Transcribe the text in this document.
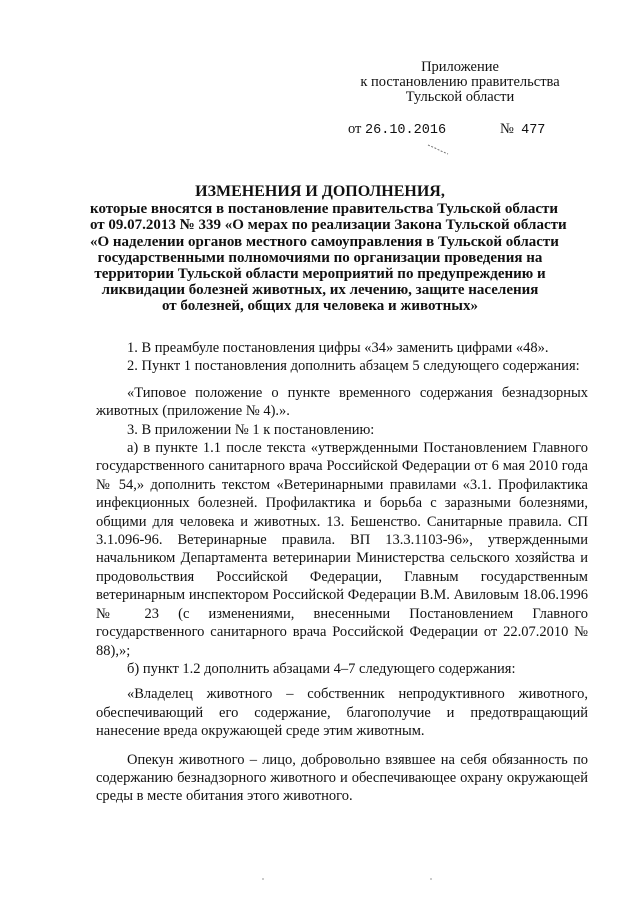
Приложение
к постановлению правительства
Тульской области
от 26.10.2016	№ 477
ИЗМЕНЕНИЯ И ДОПОЛНЕНИЯ,
которые вносятся в постановление правительства Тульской области
от 09.07.2013 № 339 «О мерах по реализации Закона Тульской области
«О наделении органов местного самоуправления в Тульской области
государственными полномочиями по организации проведения на
территории Тульской области мероприятий по предупреждению и
ликвидации болезней животных, их лечению, защите населения
от болезней, общих для человека и животных»

1. В преамбуле постановления цифры «34» заменить цифрами «48».

2. Пункт 1 постановления дополнить абзацем 5 следующего содержания:

«Типовое положение о пункте временного содержания безнадзорных животных (приложение № 4).».

3. В приложении № 1 к постановлению:

а) в пункте 1.1 после текста «утвержденными Постановлением Главного государственного санитарного врача Российской Федерации от 6 мая 2010 года № 54,» дополнить текстом «Ветеринарными правилами «3.1. Профилактика инфекционных болезней. Профилактика и борьба с заразными болезнями, общими для человека и животных. 13. Бешенство. Санитарные правила. СП 3.1.096-96. Ветеринарные правила. ВП 13.3.1103-96», утвержденными начальником Департамента ветеринарии Министерства сельского хозяйства и продовольствия Российской Федерации, Главным государственным ветеринарным инспектором Российской Федерации В.М. Авиловым 18.06.1996 № 23 (с изменениями, внесенными Постановлением Главного государственного санитарного врача Российской Федерации от 22.07.2010 № 88),»;

б) пункт 1.2 дополнить абзацами 4–7 следующего содержания:

«Владелец животного – собственник непродуктивного животного, обеспечивающий его содержание, благополучие и предотвращающий нанесение вреда окружающей среде этим животным.

Опекун животного – лицо, добровольно взявшее на себя обязанность по содержанию безнадзорного животного и обеспечивающее охрану окружающей среды в месте обитания этого животного.
